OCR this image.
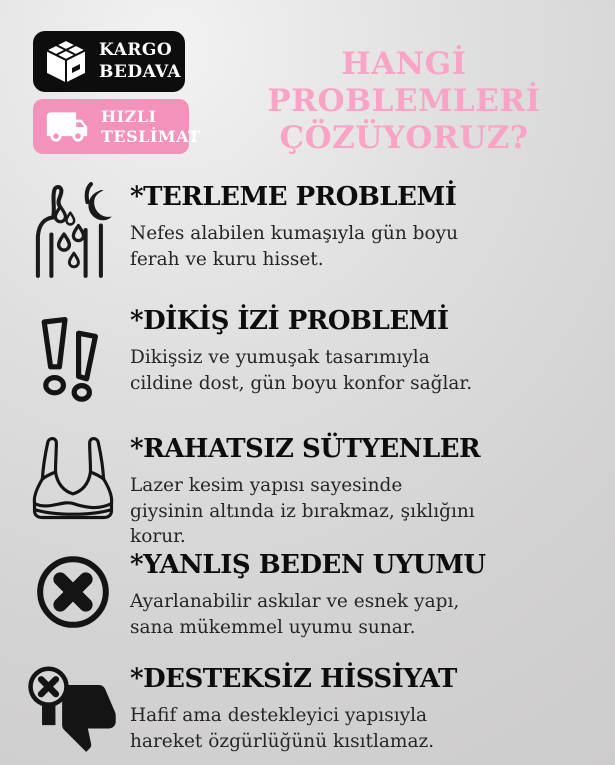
KARGO
BEDAVA
HIZLI
TESLİMAT
HANGİ PROBLEMLERİ
ÇÖZÜYORUZ?
*TERLEME PROBLEMİ
Nefes alabilen kumaşıyla gün boyu ferah ve kuru hisset.
*DİKİŞ İZİ PROBLEMİ
Dikişsiz ve yumuşak tasarımıyla cildine dost, gün boyu konfor sağlar.
*RAHATSIZ SÜTYENLER
Lazer kesim yapısı sayesinde giysinin altında iz bırakmaz, şıklığını korur.
*YANLIŞ BEDEN UYUMU
Ayarlanabilir askılar ve esnek yapı, sana mükemmel uyumu sunar.
*DESTEKSİZ HİSSİYAT
Hafif ama destekleyici yapısıyla hareket özgürlüğünü kısıtlamaz.
